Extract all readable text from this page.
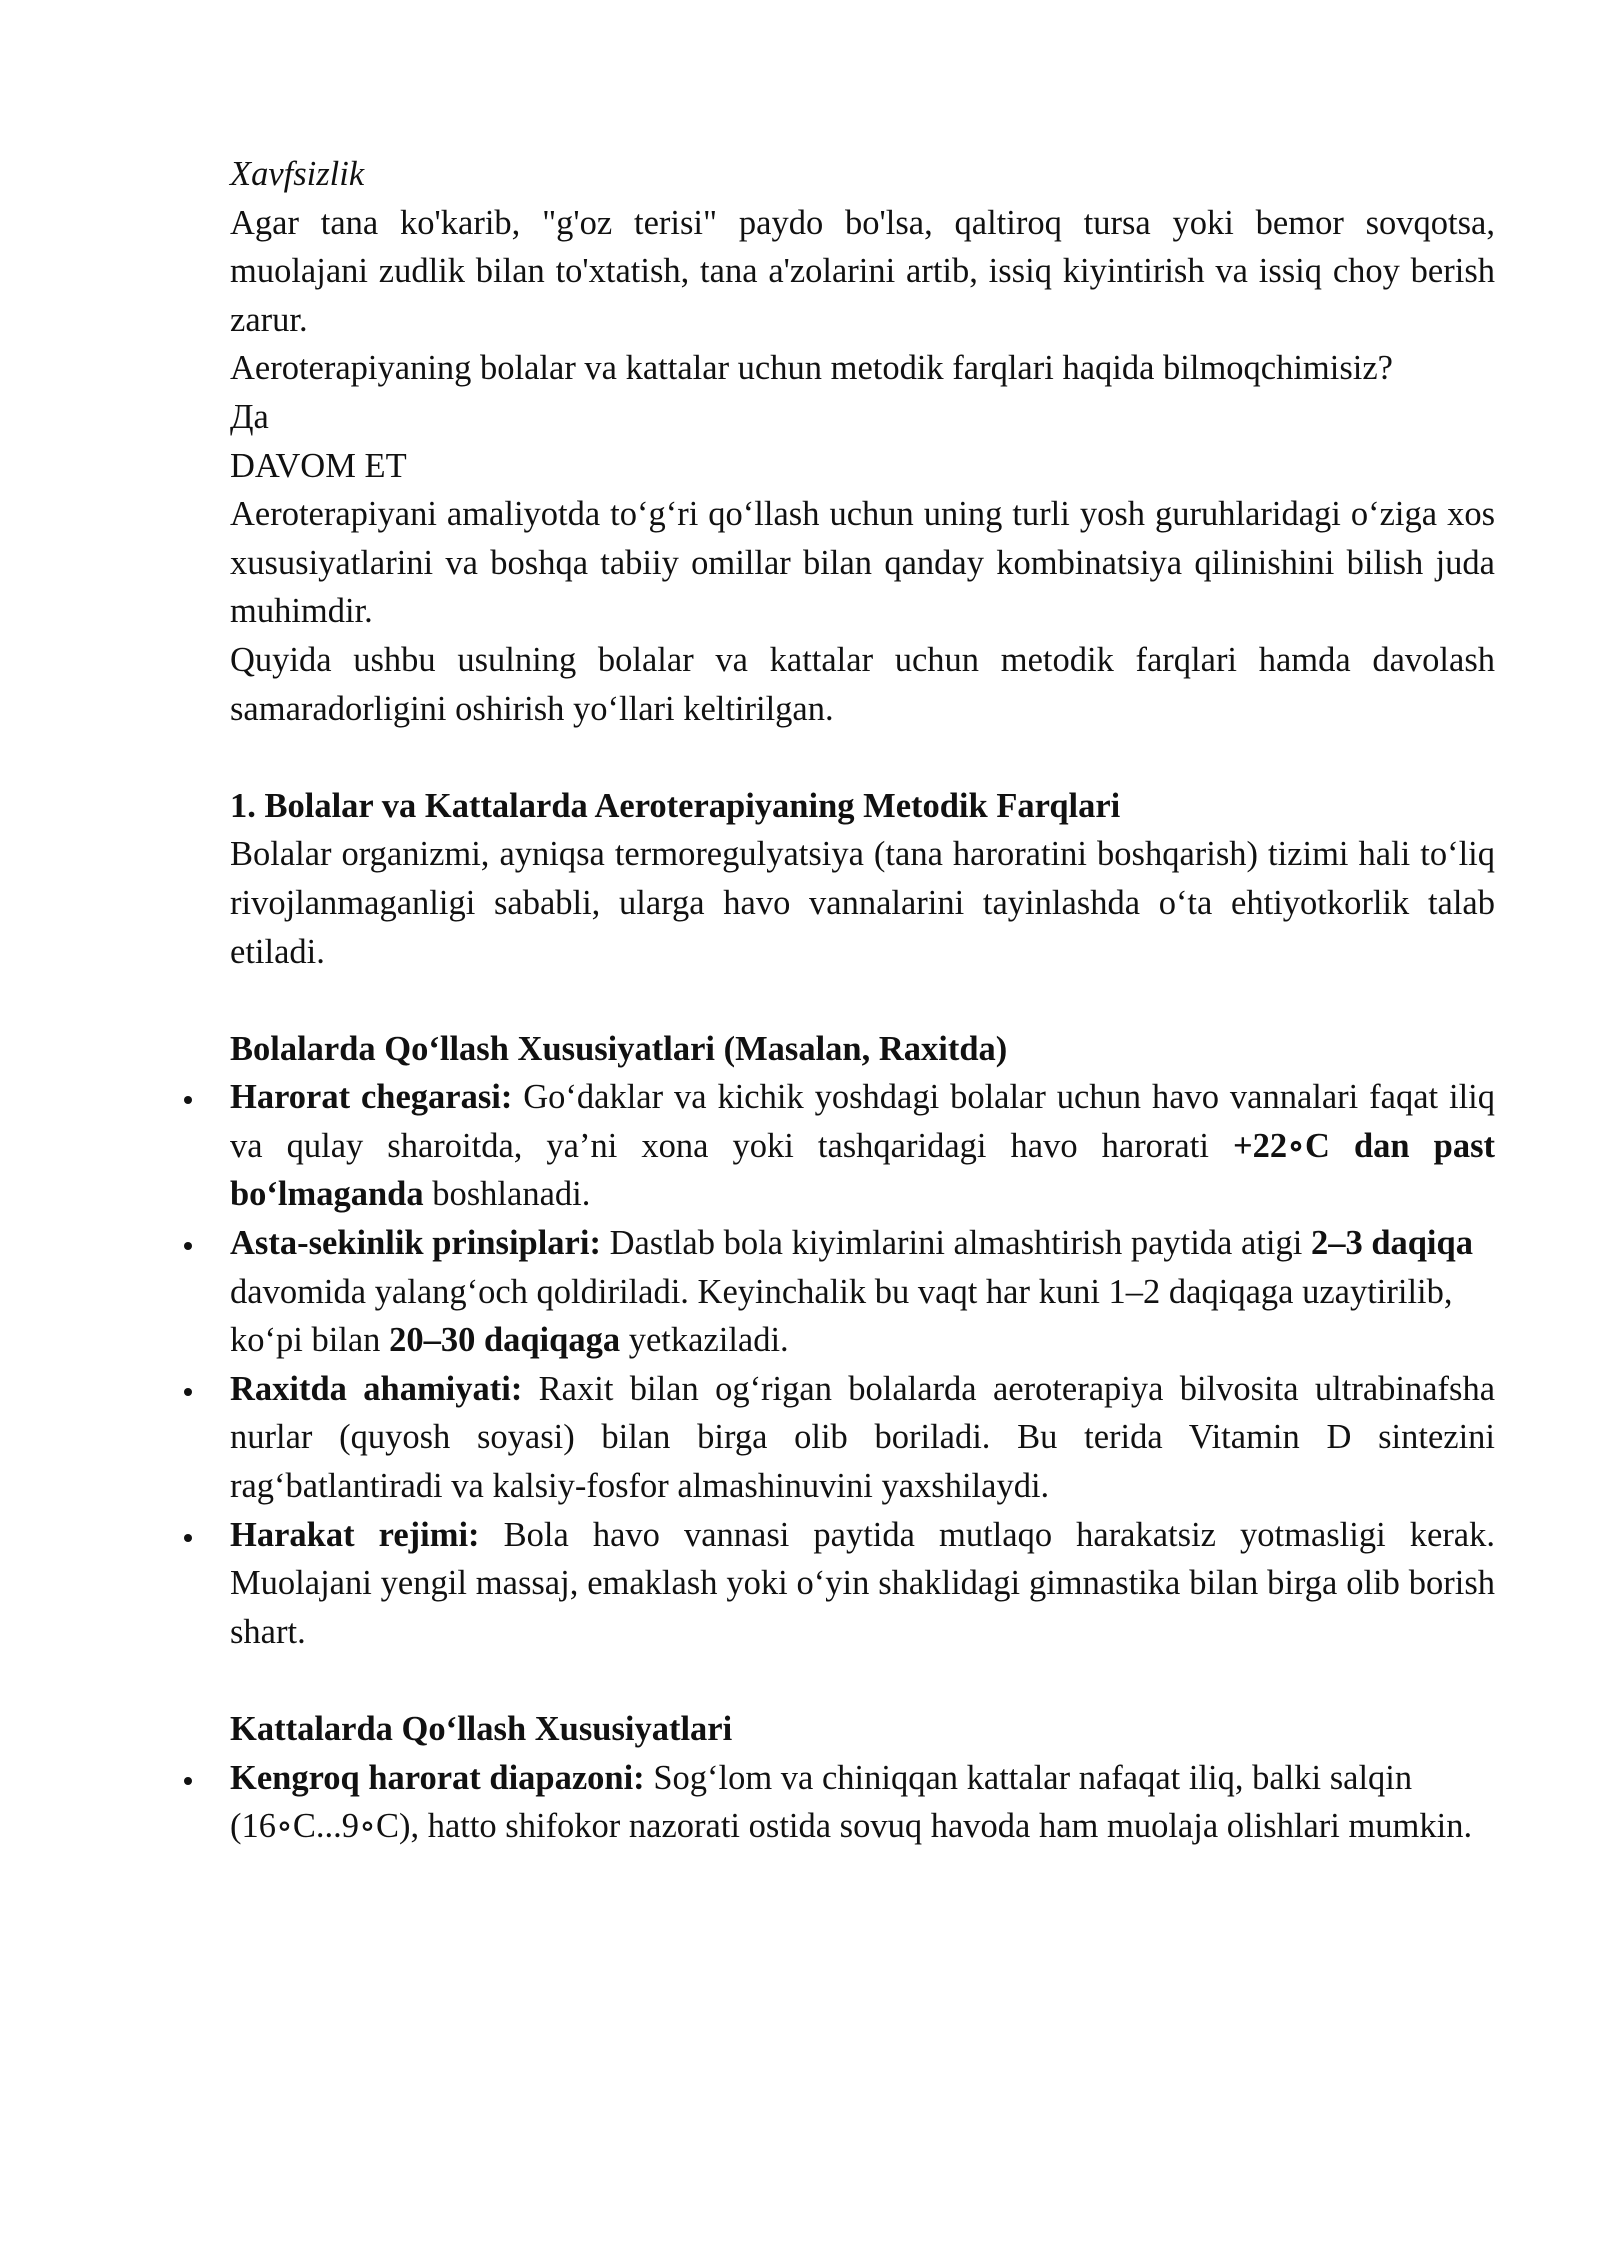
Xavfsizlik

Agar tana ko'karib, "g'oz terisi" paydo bo'lsa, qaltiroq tursa yoki bemor sovqotsa, muolajani zudlik bilan to'xtatish, tana a'zolarini artib, issiq kiyintirish va issiq choy berish zarur.

Aeroterapiyaning bolalar va kattalar uchun metodik farqlari haqida bilmoqchimisiz?

Да

DAVOM ET

Aeroterapiyani amaliyotda to‘g‘ri qo‘llash uchun uning turli yosh guruhlaridagi o‘ziga xos xususiyatlarini va boshqa tabiiy omillar bilan qanday kombinatsiya qilinishini bilish juda muhimdir.

Quyida ushbu usulning bolalar va kattalar uchun metodik farqlari hamda davolash samaradorligini oshirish yo‘llari keltirilgan.

1. Bolalar va Kattalarda Aeroterapiyaning Metodik Farqlari

Bolalar organizmi, ayniqsa termoregulyatsiya (tana haroratini boshqarish) tizimi hali to‘liq rivojlanmaganligi sababli, ularga havo vannalarini tayinlashda o‘ta ehtiyotkorlik talab etiladi.

Bolalarda Qo‘llash Xususiyatlari (Masalan, Raxitda)

Harorat chegarasi: Go‘daklar va kichik yoshdagi bolalar uchun havo vannalari faqat iliq va qulay sharoitda, ya’ni xona yoki tashqaridagi havo harorati +22∘C dan past bo‘lmaganda boshlanadi.
Asta-sekinlik prinsiplari: Dastlab bola kiyimlarini almashtirish paytida atigi 2–3 daqiqa davomida yalang‘och qoldiriladi. Keyinchalik bu vaqt har kuni 1–2 daqiqaga uzaytirilib, ko‘pi bilan 20–30 daqiqaga yetkaziladi.
Raxitda ahamiyati: Raxit bilan og‘rigan bolalarda aeroterapiya bilvosita ultrabinafsha nurlar (quyosh soyasi) bilan birga olib boriladi. Bu terida Vitamin D sintezini rag‘batlantiradi va kalsiy-fosfor almashinuvini yaxshilaydi.
Harakat rejimi: Bola havo vannasi paytida mutlaqo harakatsiz yotmasligi kerak. Muolajani yengil massaj, emaklash yoki o‘yin shaklidagi gimnastika bilan birga olib borish shart.

Kattalarda Qo‘llash Xususiyatlari

Kengroq harorat diapazoni: Sog‘lom va chiniqqan kattalar nafaqat iliq, balki salqin (16∘C...9∘C), hatto shifokor nazorati ostida sovuq havoda ham muolaja olishlari mumkin.
